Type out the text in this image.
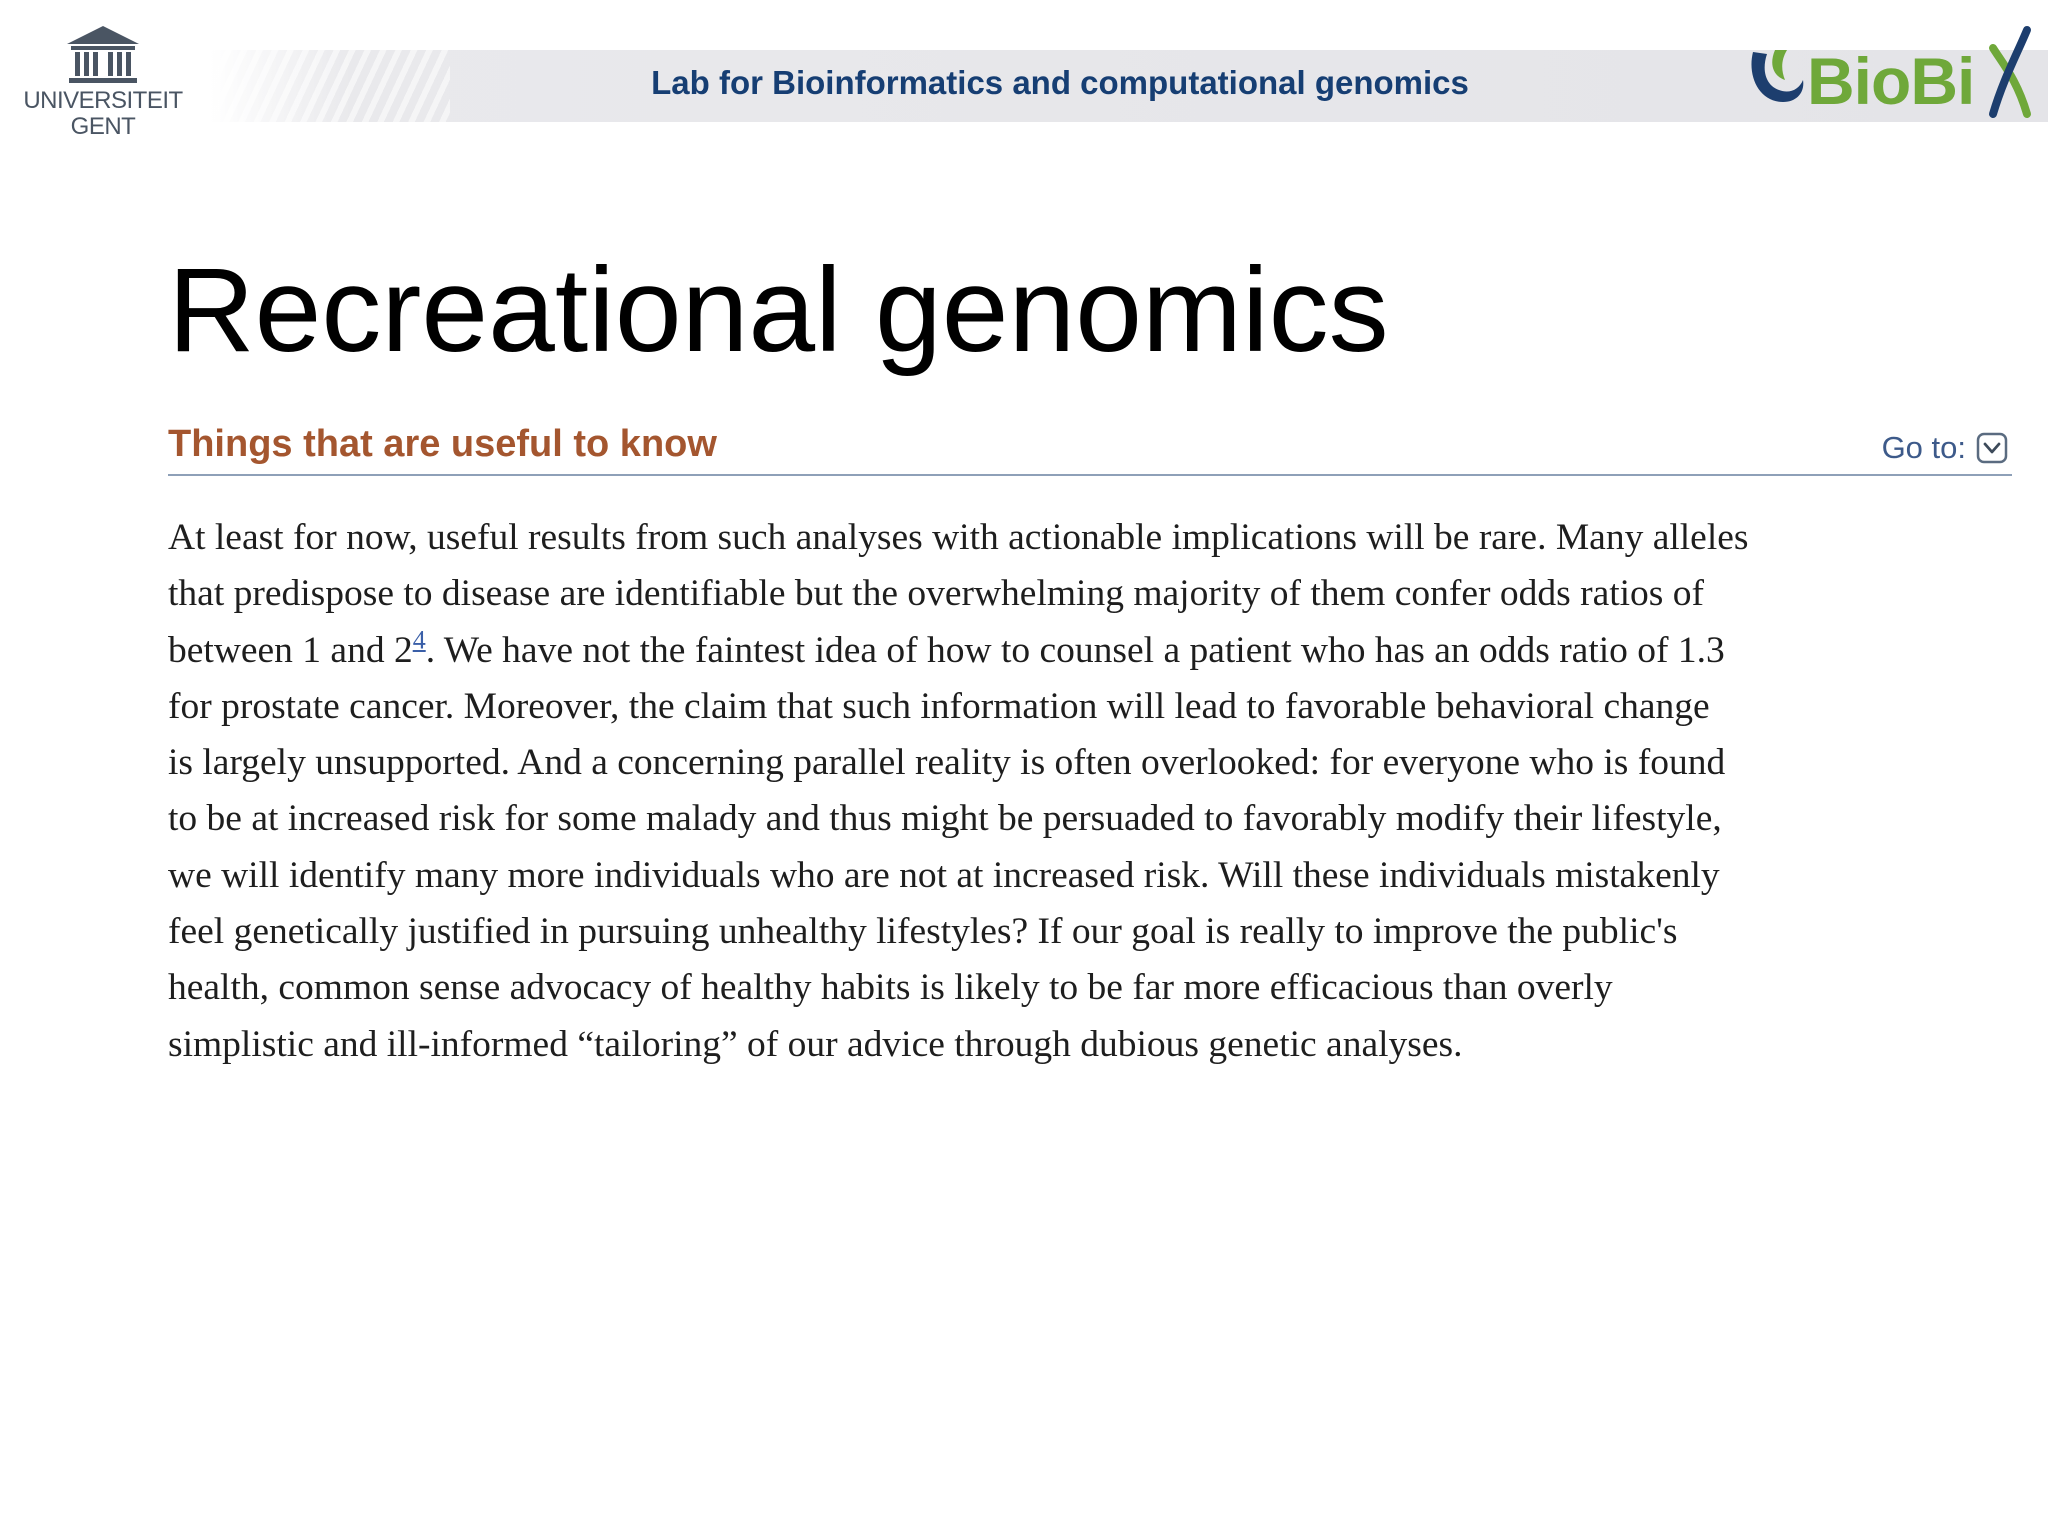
Lab for Bioinformatics and computational genomics
UNIVERSITEIT
GENT
BioBi
Recreational genomics
Things that are useful to know	Go to:

At least for now, useful results from such analyses with actionable implications will be rare. Many alleles
that predispose to disease are identifiable but the overwhelming majority of them confer odds ratios of
between 1 and 2$^4$. We have not the faintest idea of how to counsel a patient who has an odds ratio of 1.3
for prostate cancer. Moreover, the claim that such information will lead to favorable behavioral change
is largely unsupported. And a concerning parallel reality is often overlooked: for everyone who is found
to be at increased risk for some malady and thus might be persuaded to favorably modify their lifestyle,
we will identify many more individuals who are not at increased risk. Will these individuals mistakenly
feel genetically justified in pursuing unhealthy lifestyles? If our goal is really to improve the public's
health, common sense advocacy of healthy habits is likely to be far more efficacious than overly
simplistic and ill-informed “tailoring” of our advice through dubious genetic analyses.
